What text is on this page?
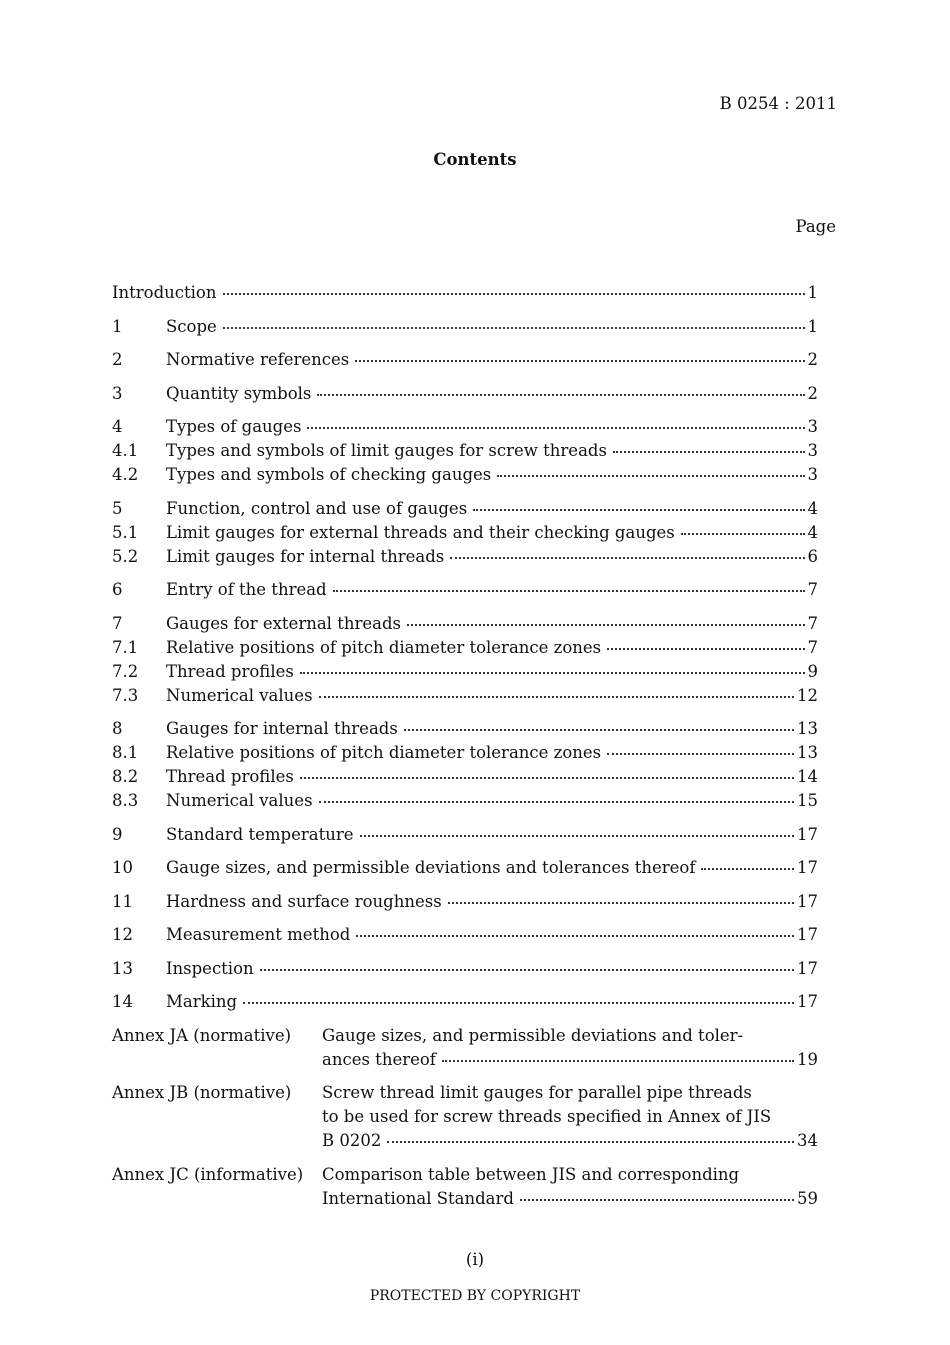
B 0254 : 2011
Contents
Page
Introduction	1
1	Scope	1
2	Normative references	2
3	Quantity symbols	2
4	Types of gauges	3
4.1	Types and symbols of limit gauges for screw threads	3
4.2	Types and symbols of checking gauges	3
5	Function, control and use of gauges	4
5.1	Limit gauges for external threads and their checking gauges	4
5.2	Limit gauges for internal threads	6
6	Entry of the thread	7
7	Gauges for external threads	7
7.1	Relative positions of pitch diameter tolerance zones	7
7.2	Thread profiles	9
7.3	Numerical values	12
8	Gauges for internal threads	13
8.1	Relative positions of pitch diameter tolerance zones	13
8.2	Thread profiles	14
8.3	Numerical values	15
9	Standard temperature	17
10	Gauge sizes, and permissible deviations and tolerances thereof	17
11	Hardness and surface roughness	17
12	Measurement method	17
13	Inspection	17
14	Marking	17
Annex JA (normative) Gauge sizes, and permissible deviations and toler-
ances thereof	19
Annex JB (normative) Screw thread limit gauges for parallel pipe threads
to be used for screw threads specified in Annex of JIS
B 0202	34
Annex JC (informative) Comparison table between JIS and corresponding
International Standard	59
(i)
PROTECTED BY COPYRIGHT
